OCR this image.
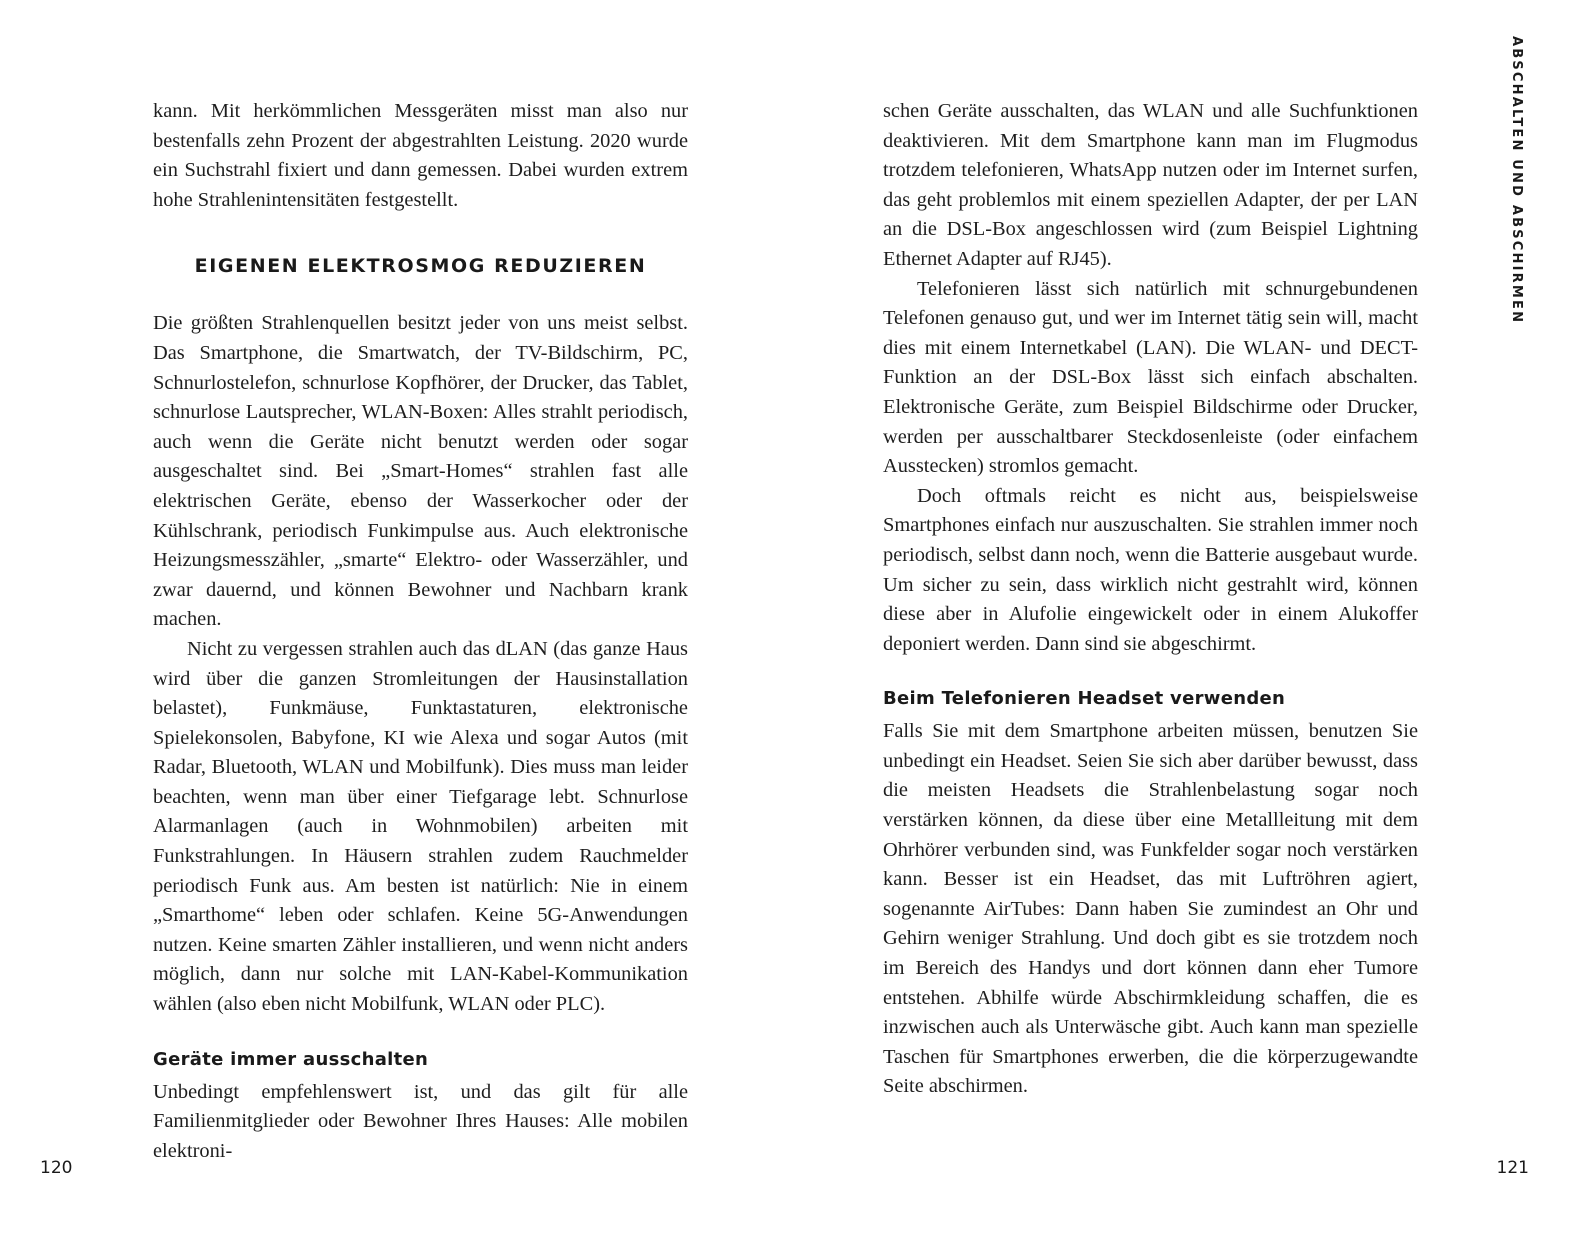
kann. Mit herkömmlichen Messgeräten misst man also nur bestenfalls zehn Prozent der abgestrahlten Leistung. 2020 wurde ein Suchstrahl fixiert und dann gemessen. Dabei wurden extrem hohe Strahlenintensitäten festgestellt.

EIGENEN ELEKTROSMOG REDUZIEREN

Die größten Strahlenquellen besitzt jeder von uns meist selbst. Das Smartphone, die Smartwatch, der TV-Bildschirm, PC, Schnurlostelefon, schnurlose Kopfhörer, der Drucker, das Tablet, schnurlose Lautsprecher, WLAN-Boxen: Alles strahlt periodisch, auch wenn die Geräte nicht benutzt werden oder sogar ausgeschaltet sind. Bei „Smart-Homes“ strahlen fast alle elektrischen Geräte, ebenso der Wasserkocher oder der Kühlschrank, periodisch Funkimpulse aus. Auch elektronische Heizungsmesszähler, „smarte“ Elektro- oder Wasserzähler, und zwar dauernd, und können Bewohner und Nachbarn krank machen.

Nicht zu vergessen strahlen auch das dLAN (das ganze Haus wird über die ganzen Stromleitungen der Hausinstallation belastet), Funkmäuse, Funktastaturen, elektronische Spielekonsolen, Babyfone, KI wie Alexa und sogar Autos (mit Radar, Bluetooth, WLAN und Mobilfunk). Dies muss man leider beachten, wenn man über einer Tiefgarage lebt. Schnurlose Alarmanlagen (auch in Wohnmobilen) arbeiten mit Funkstrahlungen. In Häusern strahlen zudem Rauchmelder periodisch Funk aus. Am besten ist natürlich: Nie in einem „Smarthome“ leben oder schlafen. Keine 5G-Anwendungen nutzen. Keine smarten Zähler installieren, und wenn nicht anders möglich, dann nur solche mit LAN-Kabel-Kommunikation wählen (also eben nicht Mobilfunk, WLAN oder PLC).

Geräte immer ausschalten

Unbedingt empfehlenswert ist, und das gilt für alle Familienmitglieder oder Bewohner Ihres Hauses: Alle mobilen elektroni-

120

schen Geräte ausschalten, das WLAN und alle Suchfunktionen deaktivieren. Mit dem Smartphone kann man im Flugmodus trotzdem telefonieren, WhatsApp nutzen oder im Internet surfen, das geht problemlos mit einem speziellen Adapter, der per LAN an die DSL-Box angeschlossen wird (zum Beispiel Lightning Ethernet Adapter auf RJ45).

Telefonieren lässt sich natürlich mit schnurgebundenen Telefonen genauso gut, und wer im Internet tätig sein will, macht dies mit einem Internetkabel (LAN). Die WLAN- und DECT-Funktion an der DSL-Box lässt sich einfach abschalten. Elektronische Geräte, zum Beispiel Bildschirme oder Drucker, werden per ausschaltbarer Steckdosenleiste (oder einfachem Ausstecken) stromlos gemacht.

Doch oftmals reicht es nicht aus, beispielsweise Smartphones einfach nur auszuschalten. Sie strahlen immer noch periodisch, selbst dann noch, wenn die Batterie ausgebaut wurde. Um sicher zu sein, dass wirklich nicht gestrahlt wird, können diese aber in Alufolie eingewickelt oder in einem Alukoffer deponiert werden. Dann sind sie abgeschirmt.

Beim Telefonieren Headset verwenden

Falls Sie mit dem Smartphone arbeiten müssen, benutzen Sie unbedingt ein Headset. Seien Sie sich aber darüber bewusst, dass die meisten Headsets die Strahlenbelastung sogar noch verstärken können, da diese über eine Metallleitung mit dem Ohrhörer verbunden sind, was Funkfelder sogar noch verstärken kann. Besser ist ein Headset, das mit Luftröhren agiert, sogenannte AirTubes: Dann haben Sie zumindest an Ohr und Gehirn weniger Strahlung. Und doch gibt es sie trotzdem noch im Bereich des Handys und dort können dann eher Tumore entstehen. Abhilfe würde Abschirmkleidung schaffen, die es inzwischen auch als Unterwäsche gibt. Auch kann man spezielle Taschen für Smartphones erwerben, die die körperzugewandte Seite abschirmen.

ABSCHALTEN UND ABSCHIRMEN
121
